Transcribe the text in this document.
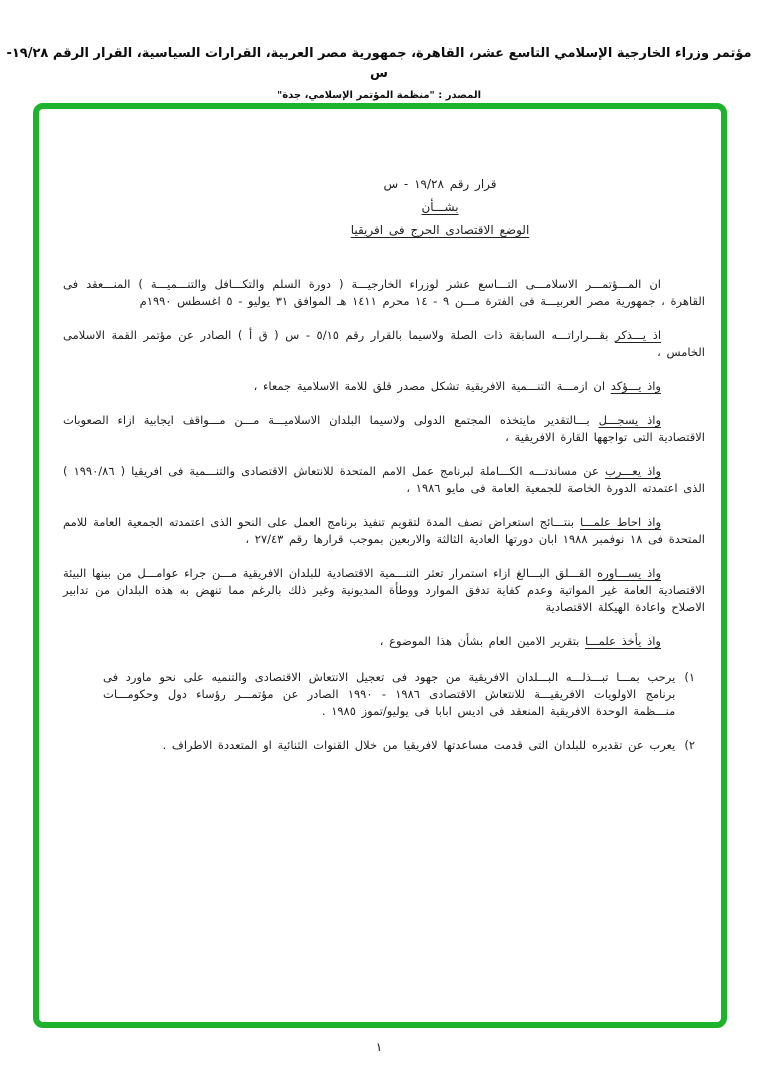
مؤتمر وزراء الخارجية الإسلامي التاسع عشر، القاهرة، جمهورية مصر العربية، القرارات السياسية، القرار الرقم ١٩/٢٨-س
المصدر : "منظمة المؤتمر الإسلامي، جدة"
قرار رقم ١٩/٢٨ - س
بشـــأن
الوضع الاقتصادى الحرج فى افريقيا

ان المـــؤتمـــر الاسلامـــى التـــاسع عشر لوزراء الخارجيـــة ( دورة السلم والتكـــافل والتنـــميـــة ) المنـــعقد فى القاهرة ، جمهورية مصر العربيـــة فى الفترة مـــن ٩ - ١٤ محرم ١٤١١ هـ الموافق ٣١ يوليو - ٥ اغسطس ١٩٩٠م

اذ يـــذكر بقـــراراتـــه السابقة ذات الصلة ولاسيما بالقرار رقم ٥/١٥ - س ( ق أ ) الصادر عن مؤتمر القمة الاسلامى الخامس ،

واذ يـــؤكد ان ازمـــة التنـــمية الافريقية تشكل مصدر قلق للامة الاسلامية جمعاء ،

واذ يسجـــل بـــالتقدير مايتخذه المجتمع الدولى ولاسيما البلدان الاسلاميـــة مـــن مـــواقف ايجابية ازاء الصعوبات الاقتصادية التى تواجهها القارة الافريقية ،

واذ يعـــرب عن مساندتـــه الكـــاملة لبرنامج عمل الامم المتحدة للانتعاش الاقتصادى والتنـــمية فى افريقيا ( ١٩٩٠/٨٦ ) الذى اعتمدته الدورة الخاصة للجمعية العامة فى مايو ١٩٨٦ ،

واذ احاط علمـــا بنتـــائج استعراض نصف المدة لتقويم تنفيذ برنامج العمل على النحو الذى اعتمدته الجمعية العامة للامم المتحدة فى ١٨ نوفمبر ١٩٨٨ ابان دورتها العادية الثالثة والاربعين بموجب قرارها رقم ٢٧/٤٣ ،

واذ يســـاوره القـــلق البـــالغ ازاء استمرار تعثر التنـــمية الاقتصادية للبلدان الافريقية مـــن جراء عوامـــل من بينها البيئة الاقتصادية العامة غير المواتية وعدم كفاية تدفق الموارد ووطأة المديونية وغير ذلك بالرغم مما تنهض به هذه البلدان من تدابير الاصلاح واعادة الهيكلة الاقتصادية

واذ يأخذ علمـــا بتقرير الامين العام بشأن هذا الموضوع ،

١)
يرحب بمـــا تبـــذلـــه البـــلدان الافريقية من جهود فى تعجيل الانتعاش الاقتصادى والتنميه على نحو ماورد فى برنامج الاولويات الافريقيـــة للانتعاش الاقتصادى ١٩٨٦ - ١٩٩٠ الصادر عن مؤتمـــر رؤساء دول وحكومـــات منـــظمة الوحدة الافريقية المنعقد فى اديس ابابا فى يوليو/تموز ١٩٨٥ .
٢)
يعرب عن تقديره للبلدان التى قدمت مساعدتها لافريقيا من خلال القنوات الثنائية او المتعددة الاطراف .
١
